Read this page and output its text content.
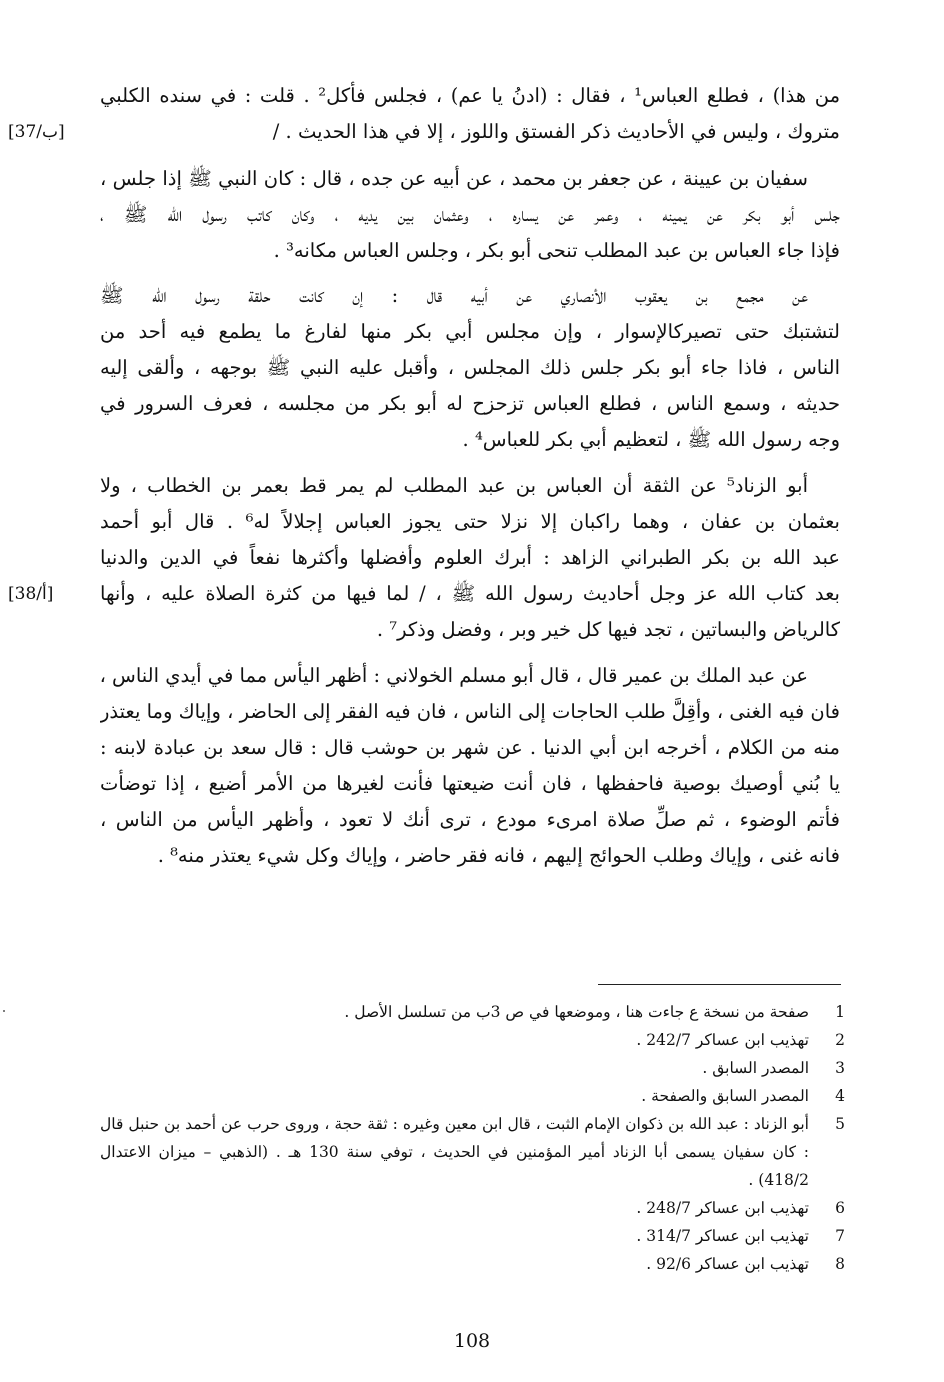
من هذا) ، فطلع العباس¹ ، فقال : (ادنُ يا عم) ، فجلس فأكل² . قلت : في سنده الكلبي
متروك ، وليس في الأحاديث ذكر الفستق واللوز ، إلا في هذا الحديث . /
سفيان بن عيينة ، عن جعفر بن محمد ، عن أبيه عن جده ، قال : كان النبي ﷺ إذا جلس ،
جلس أبو بكر عن يمينه ، وعمر عن يساره ، وعثمان بين يديه ، وكان كاتب رسول الله ﷺ ،
فإذا جاء العباس بن عبد المطلب تنحى أبو بكر ، وجلس العباس مكانه³ .
عن مجمع بن يعقوب الأنصاري عن أبيه قال : إن كانت حلقة رسول الله ﷺ
لتشتبك حتى تصيركالإسوار ، وإن مجلس أبي بكر منها لفارغ ما يطمع فيه أحد من
الناس ، فاذا جاء أبو بكر جلس ذلك المجلس ، وأقبل عليه النبي ﷺ بوجهه ، وألقى إليه
حديثه ، وسمع الناس ، فطلع العباس تزحزح له أبو بكر من مجلسه ، فعرف السرور في
وجه رسول الله ﷺ ، لتعظيم أبي بكر للعباس⁴ .
أبو الزناد⁵ عن الثقة أن العباس بن عبد المطلب لم يمر قط بعمر بن الخطاب ، ولا
بعثمان بن عفان ، وهما راكبان إلا نزلا حتى يجوز العباس إجلالاً له⁶ . قال أبو أحمد
عبد الله بن بكر الطبراني الزاهد : أبرك العلوم وأفضلها وأكثرها نفعاً في الدين والدنيا
بعد كتاب الله عز وجل أحاديث رسول الله ﷺ ، / لما فيها من كثرة الصلاة عليه ، وأنها
كالرياض والبساتين ، تجد فيها كل خير وبر ، وفضل وذكر⁷ .
عن عبد الملك بن عمير قال ، قال أبو مسلم الخولاني : أظهر اليأس مما في أيدي الناس ،
فان فيه الغنى ، وأقِلَّ طلب الحاجات إلى الناس ، فان فيه الفقر إلى الحاضر ، وإياك وما يعتذر
منه من الكلام ، أخرجه ابن أبي الدنيا . عن شهر بن حوشب قال : قال سعد بن عبادة لابنه :
يا بُني أوصيك بوصية فاحفظها ، فان أنت ضيعتها فأنت لغيرها من الأمر أضيع ، إذا توضأت
فأتم الوضوء ، ثم صلِّ صلاة امرىء مودع ، ترى أنك لا تعود ، وأظهر اليأس من الناس ،
فانه غنى ، وإياك وطلب الحوائج إليهم ، فانه فقر حاضر ، وإياك وكل شيء يعتذر منه⁸ .
[37/ب]
[38/أ]
1
صفحة من نسخة ع جاءت هنا ، وموضعها في ص 3ب من تسلسل الأصل .
2
تهذيب ابن عساكر 242/7 .
3
المصدر السابق .
4
المصدر السابق والصفحة .
5
أبو الزناد : عبد الله بن ذكوان الإمام الثبت ، قال ابن معين وغيره : ثقة حجة ، وروى حرب عن أحمد بن حنبل قال : كان سفيان يسمى أبا الزناد أمير المؤمنين في الحديث ، توفي سنة 130 هـ . (الذهبي – ميزان الاعتدال 418/2) .
6
تهذيب ابن عساكر 248/7 .
7
تهذيب ابن عساكر 314/7 .
8
تهذيب ابن عساكر 92/6 .
108
